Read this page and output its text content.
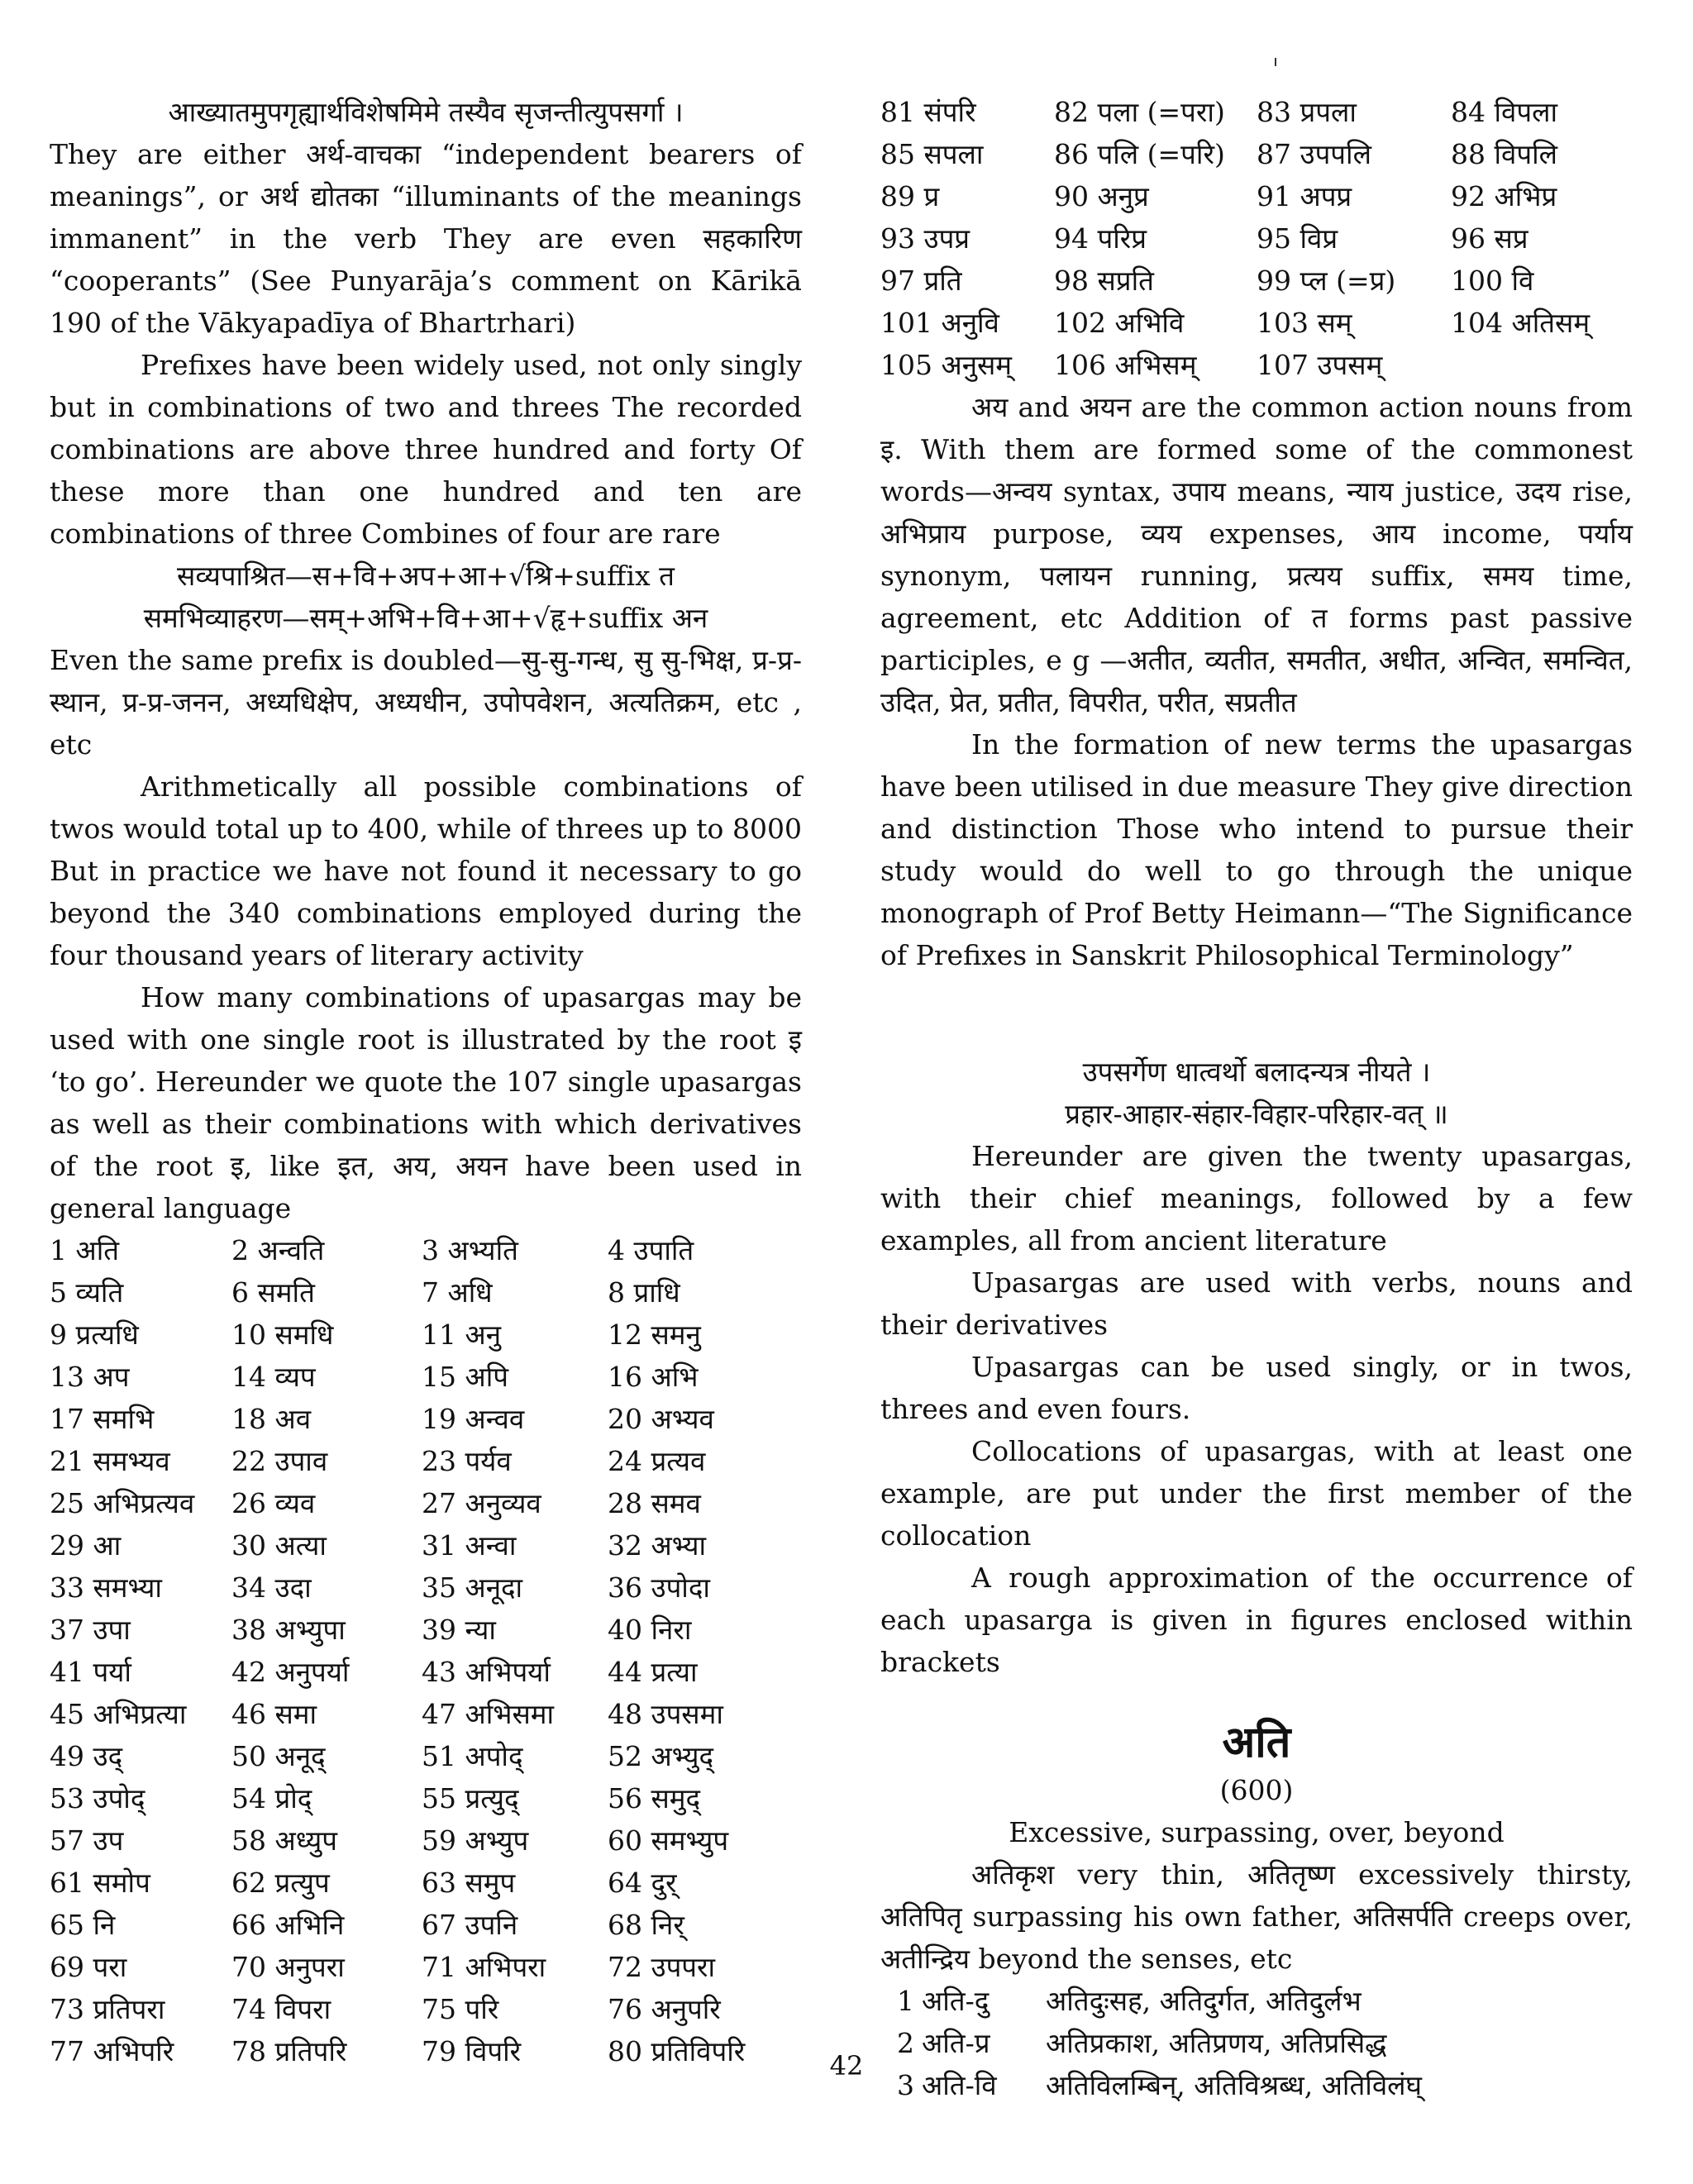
आख्यातमुपगृह्यार्थविशेषमिमे तस्यैव सृजन्तीत्युपसर्गा ।

They are either अर्थ-वाचका “independent bearers of meanings”, or अर्थ द्योतका “illuminants of the meanings immanent” in the verb They are even सहकारिण “cooperants” (See Punyarāja’s comment on Kārikā 190 of the Vākyapadīya of Bhartrhari)

Prefixes have been widely used, not only singly but in combinations of two and threes The recorded combinations are above three hundred and forty Of these more than one hundred and ten are combinations of three Combines of four are rare

सव्यपाश्रित—स+वि+अप+आ+√श्रि+suffix त

समभिव्याहरण—सम्+अभि+वि+आ+√हृ+suffix अन

Even the same prefix is doubled—सु-सु-गन्ध, सु सु-भिक्ष, प्र-प्र-स्थान, प्र-प्र-जनन, अध्यधिक्षेप, अध्यधीन, उपोपवेशन, अत्यतिक्रम, etc , etc

Arithmetically all possible combinations of twos would total up to 400, while of threes up to 8000 But in practice we have not found it necessary to go beyond the 340 combinations employed during the four thousand years of literary activity

How many combinations of upasargas may be used with one single root is illustrated by the root इ ‘to go’. Hereunder we quote the 107 single upasargas as well as their combinations with which derivatives of the root इ, like इत, अय, अयन have been used in general language

1 अति	2 अन्वति	3 अभ्यति	4 उपाति
5 व्यति	6 समति	7 अधि	8 प्राधि
9 प्रत्यधि	10 समधि	11 अनु	12 समनु
13 अप	14 व्यप	15 अपि	16 अभि
17 समभि	18 अव	19 अन्वव	20 अभ्यव
21 समभ्यव	22 उपाव	23 पर्यव	24 प्रत्यव
25 अभिप्रत्यव	26 व्यव	27 अनुव्यव	28 समव
29 आ	30 अत्या	31 अन्वा	32 अभ्या
33 समभ्या	34 उदा	35 अनूदा	36 उपोदा
37 उपा	38 अभ्युपा	39 न्या	40 निरा
41 पर्या	42 अनुपर्या	43 अभिपर्या	44 प्रत्या
45 अभिप्रत्या	46 समा	47 अभिसमा	48 उपसमा
49 उद्	50 अनूद्	51 अपोद्	52 अभ्युद्
53 उपोद्	54 प्रोद्	55 प्रत्युद्	56 समुद्
57 उप	58 अध्युप	59 अभ्युप	60 समभ्युप
61 समोप	62 प्रत्युप	63 समुप	64 दुर्
65 नि	66 अभिनि	67 उपनि	68 निर्
69 परा	70 अनुपरा	71 अभिपरा	72 उपपरा
73 प्रतिपरा	74 विपरा	75 परि	76 अनुपरि
77 अभिपरि	78 प्रतिपरि	79 विपरि	80 प्रतिविपरि
81 संपरि	82 पला (=परा)	83 प्रपला	84 विपला
85 सपला	86 पलि (=परि)	87 उपपलि	88 विपलि
89 प्र	90 अनुप्र	91 अपप्र	92 अभिप्र
93 उपप्र	94 परिप्र	95 विप्र	96 सप्र
97 प्रति	98 सप्रति	99 प्ल (=प्र)	100 वि
101 अनुवि	102 अभिवि	103 सम्	104 अतिसम्
105 अनुसम्	106 अभिसम्	107 उपसम्

अय and अयन are the common action nouns from इ. With them are formed some of the commonest words—अन्वय syntax, उपाय means, न्याय justice, उदय rise, अभिप्राय purpose, व्यय expenses, आय income, पर्याय synonym, पलायन running, प्रत्यय suffix, समय time, agreement, etc Addition of त forms past passive participles, e g —अतीत, व्यतीत, समतीत, अधीत, अन्वित, समन्वित, उदित, प्रेत, प्रतीत, विपरीत, परीत, सप्रतीत

In the formation of new terms the upasargas have been utilised in due measure They give direction and distinction Those who intend to pursue their study would do well to go through the unique monograph of Prof Betty Heimann—“The Significance of Prefixes in Sanskrit Philosophical Terminology”

उपसर्गेण धात्वर्थो बलादन्यत्र नीयते ।

प्रहार-आहार-संहार-विहार-परिहार-वत् ॥

Hereunder are given the twenty upasargas, with their chief meanings, followed by a few examples, all from ancient literature

Upasargas are used with verbs, nouns and their derivatives

Upasargas can be used singly, or in twos, threes and even fours.

Collocations of upasargas, with at least one example, are put under the first member of the collocation

A rough approximation of the occurrence of each upasarga is given in figures enclosed within brackets

अति

(600)

Excessive, surpassing, over, beyond

अतिकृश very thin, अतितृष्ण excessively thirsty, अतिपितृ surpassing his own father, अतिसर्पति creeps over, अतीन्द्रिय beyond the senses, etc

1 अति-दु	अतिदुःसह, अतिदुर्गत, अतिदुर्लभ
2 अति-प्र	अतिप्रकाश, अतिप्रणय, अतिप्रसिद्ध
3 अति-वि	अतिविलम्बिन्, अतिविश्रब्ध, अतिविलंघ्
42
